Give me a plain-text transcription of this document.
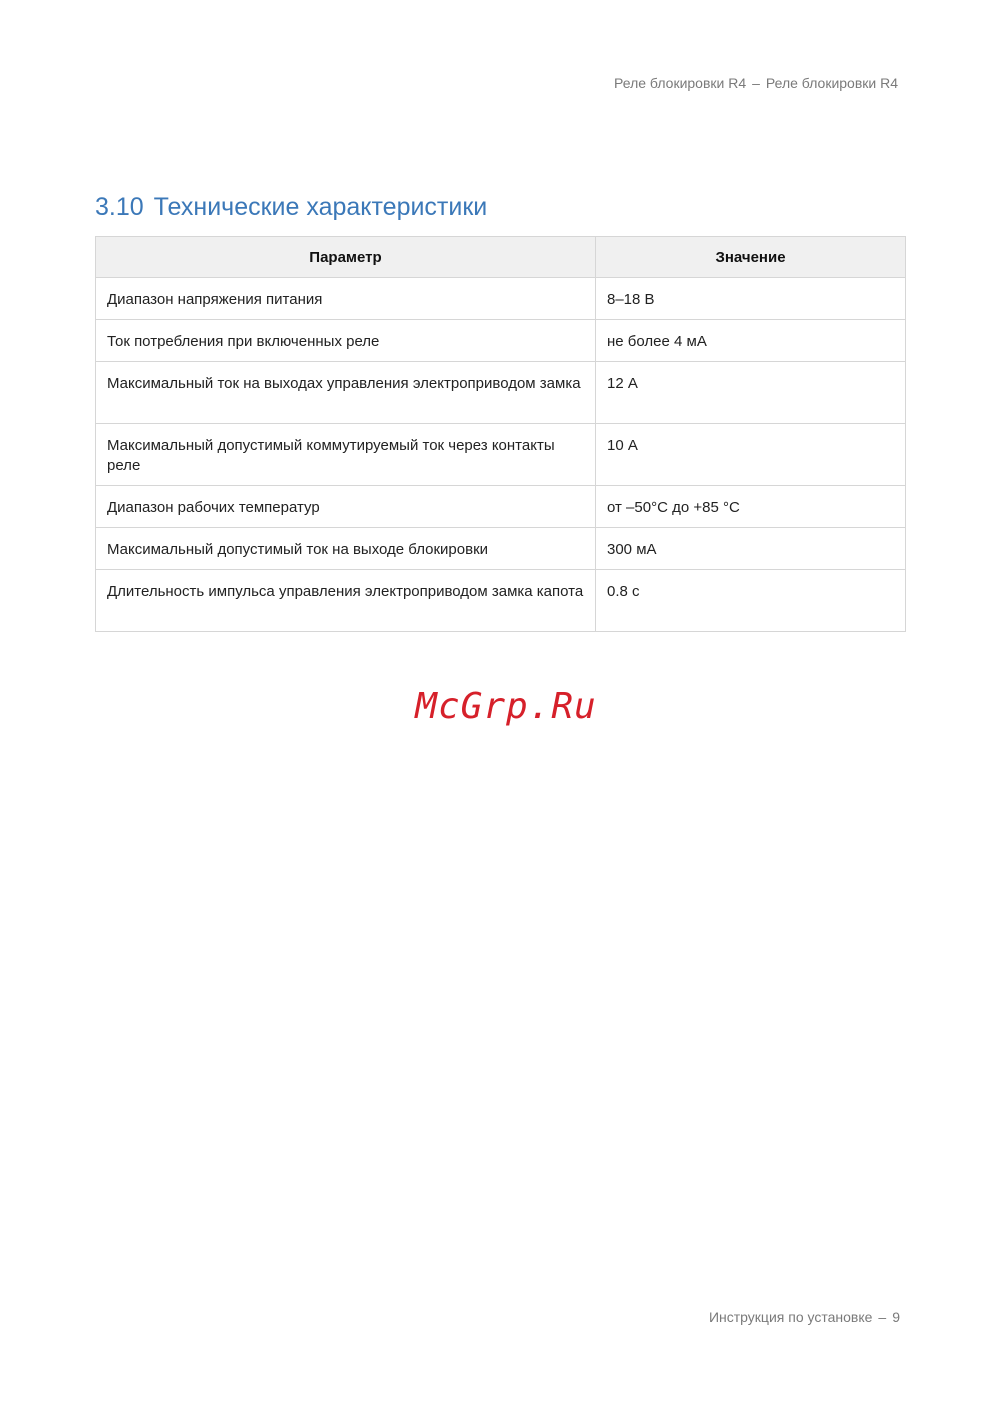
Реле блокировки R4 – Реле блокировки R4
3.10 Технические характеристики
Параметр	Значение
Диапазон напряжения питания	8–18 В
Ток потребления при включенных реле	не более 4 мА
Максимальный ток на выходах управления электроприводом замка	12 А
Максимальный допустимый коммутируемый ток через контакты реле	10 А
Диапазон рабочих температур	от –50°С до +85 °С
Максимальный допустимый ток на выходе блокировки	300 мА
Длительность импульса управления электроприводом замка капота	0.8 с
McGrp.Ru
Инструкция по установке – 9
